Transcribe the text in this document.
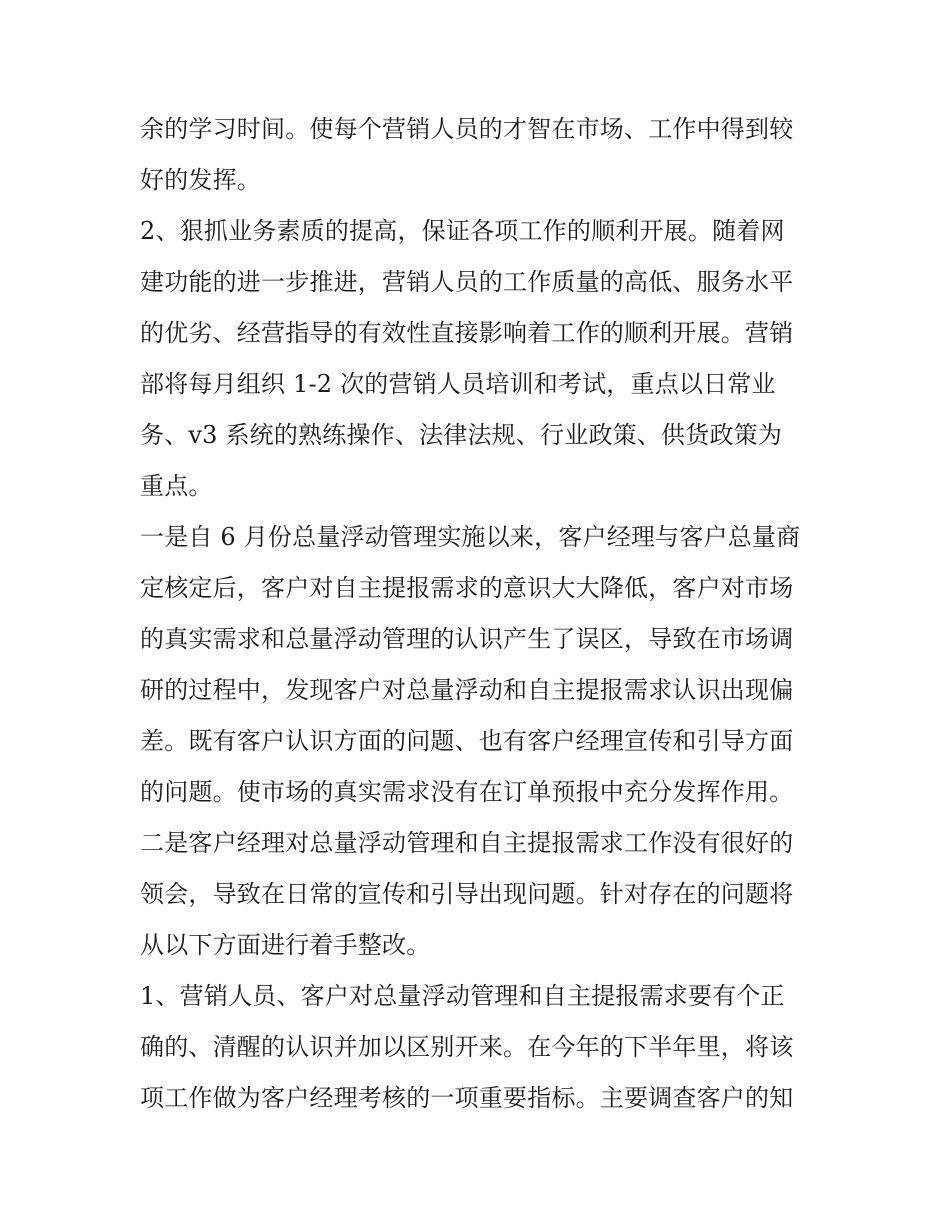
余的学习时间。使每个营销人员的才智在市场、工作中得到较
好的发挥。
2、狠抓业务素质的提高，保证各项工作的顺利开展。随着网
建功能的进一步推进，营销人员的工作质量的高低、服务水平
的优劣、经营指导的有效性直接影响着工作的顺利开展。营销
部将每月组织 1-2 次的营销人员培训和考试，重点以日常业
务、v3 系统的熟练操作、法律法规、行业政策、供货政策为
重点。
一是自 6 月份总量浮动管理实施以来，客户经理与客户总量商
定核定后，客户对自主提报需求的意识大大降低，客户对市场
的真实需求和总量浮动管理的认识产生了误区，导致在市场调
研的过程中，发现客户对总量浮动和自主提报需求认识出现偏
差。既有客户认识方面的问题、也有客户经理宣传和引导方面
的问题。使市场的真实需求没有在订单预报中充分发挥作用。
二是客户经理对总量浮动管理和自主提报需求工作没有很好的
领会，导致在日常的宣传和引导出现问题。针对存在的问题将
从以下方面进行着手整改。
1、营销人员、客户对总量浮动管理和自主提报需求要有个正
确的、清醒的认识并加以区别开来。在今年的下半年里，将该
项工作做为客户经理考核的一项重要指标。主要调查客户的知
